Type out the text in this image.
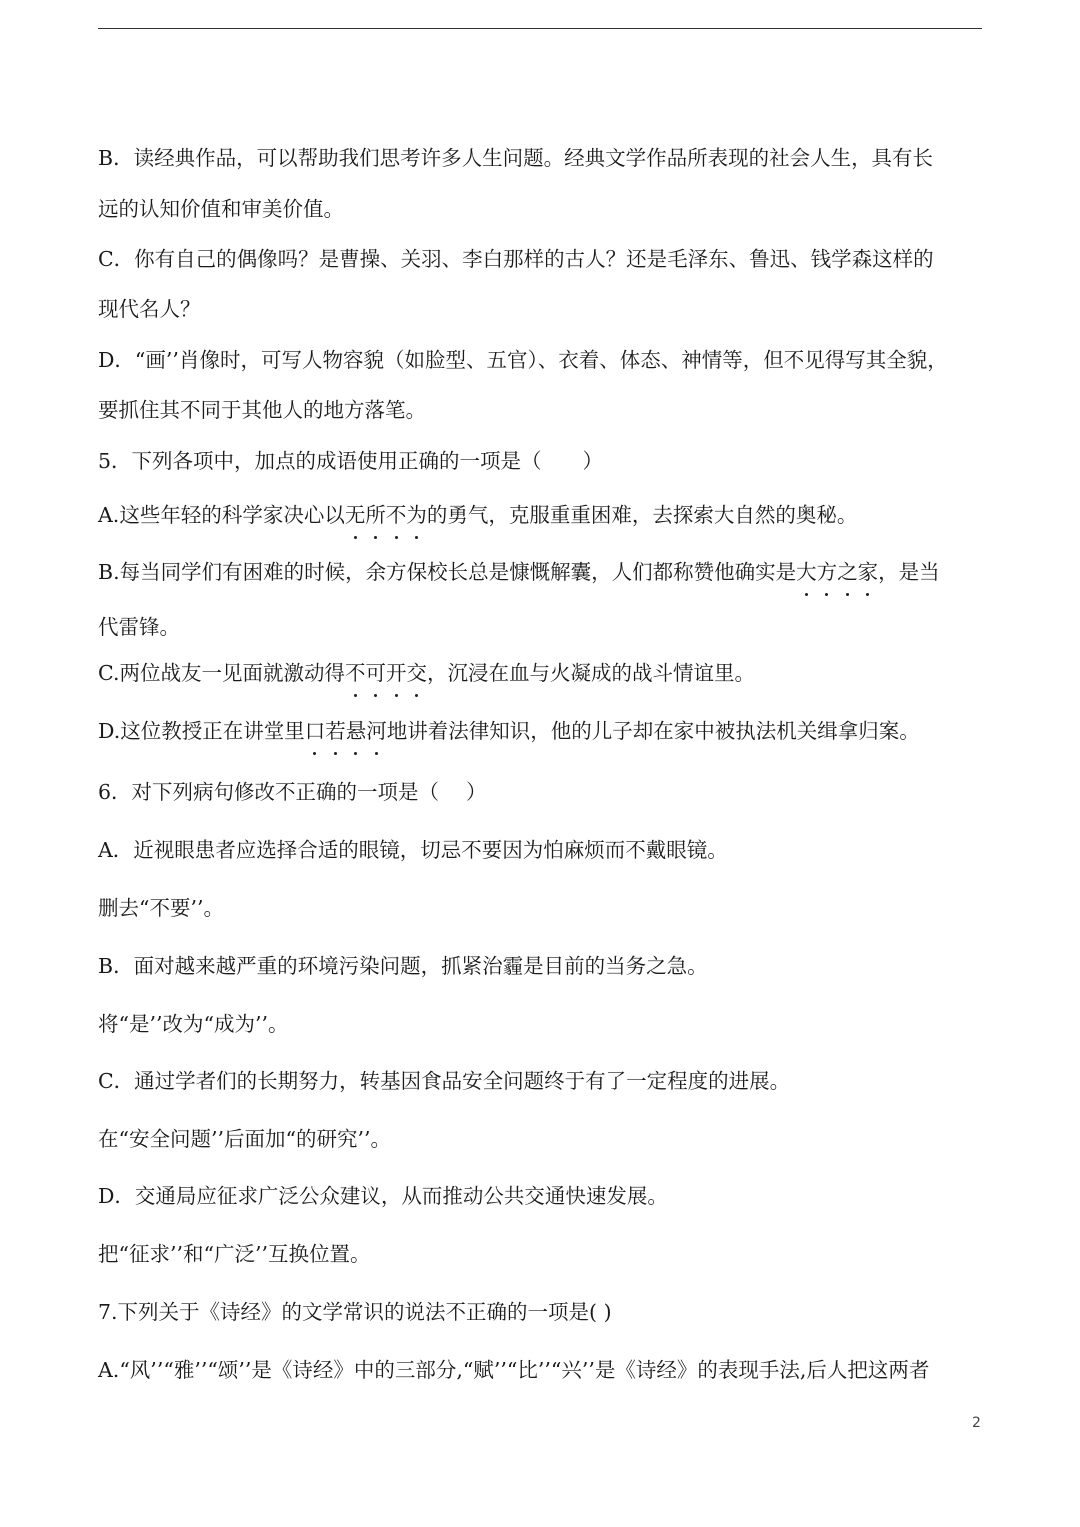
B．读经典作品，可以帮助我们思考许多人生问题。经典文学作品所表现的社会人生，具有长
远的认知价值和审美价值。
C．你有自己的偶像吗？是曹操、关羽、李白那样的古人？还是毛泽东、鲁迅、钱学森这样的
现代名人？
D．“画’’肖像时，可写人物容貌（如脸型、五官）、衣着、体态、神情等，但不见得写其全貌，
要抓住其不同于其他人的地方落笔。
5．下列各项中，加点的成语使用正确的一项是（　　）
A.这些年轻的科学家决心以无所不为的勇气，克服重重困难，去探索大自然的奥秘。
B.每当同学们有困难的时候，余方保校长总是慷慨解囊，人们都称赞他确实是大方之家，是当
代雷锋。
C.两位战友一见面就激动得不可开交，沉浸在血与火凝成的战斗情谊里。
D.这位教授正在讲堂里口若悬河地讲着法律知识，他的儿子却在家中被执法机关缉拿归案。
6．对下列病句修改不正确的一项是（　 ）
A．近视眼患者应选择合适的眼镜，切忌不要因为怕麻烦而不戴眼镜。
删去“不要’’。
B．面对越来越严重的环境污染问题，抓紧治霾是目前的当务之急。
将“是’’改为“成为’’。
C．通过学者们的长期努力，转基因食品安全问题终于有了一定程度的进展。
在“安全问题’’后面加“的研究’’。
D．交通局应征求广泛公众建议，从而推动公共交通快速发展。
把“征求’’和“广泛’’互换位置。
7.下列关于《诗经》的文学常识的说法不正确的一项是( )
A.“风’’“雅’’“颂’’是《诗经》中的三部分,“赋’’“比’’“兴’’是《诗经》的表现手法,后人把这两者
2
